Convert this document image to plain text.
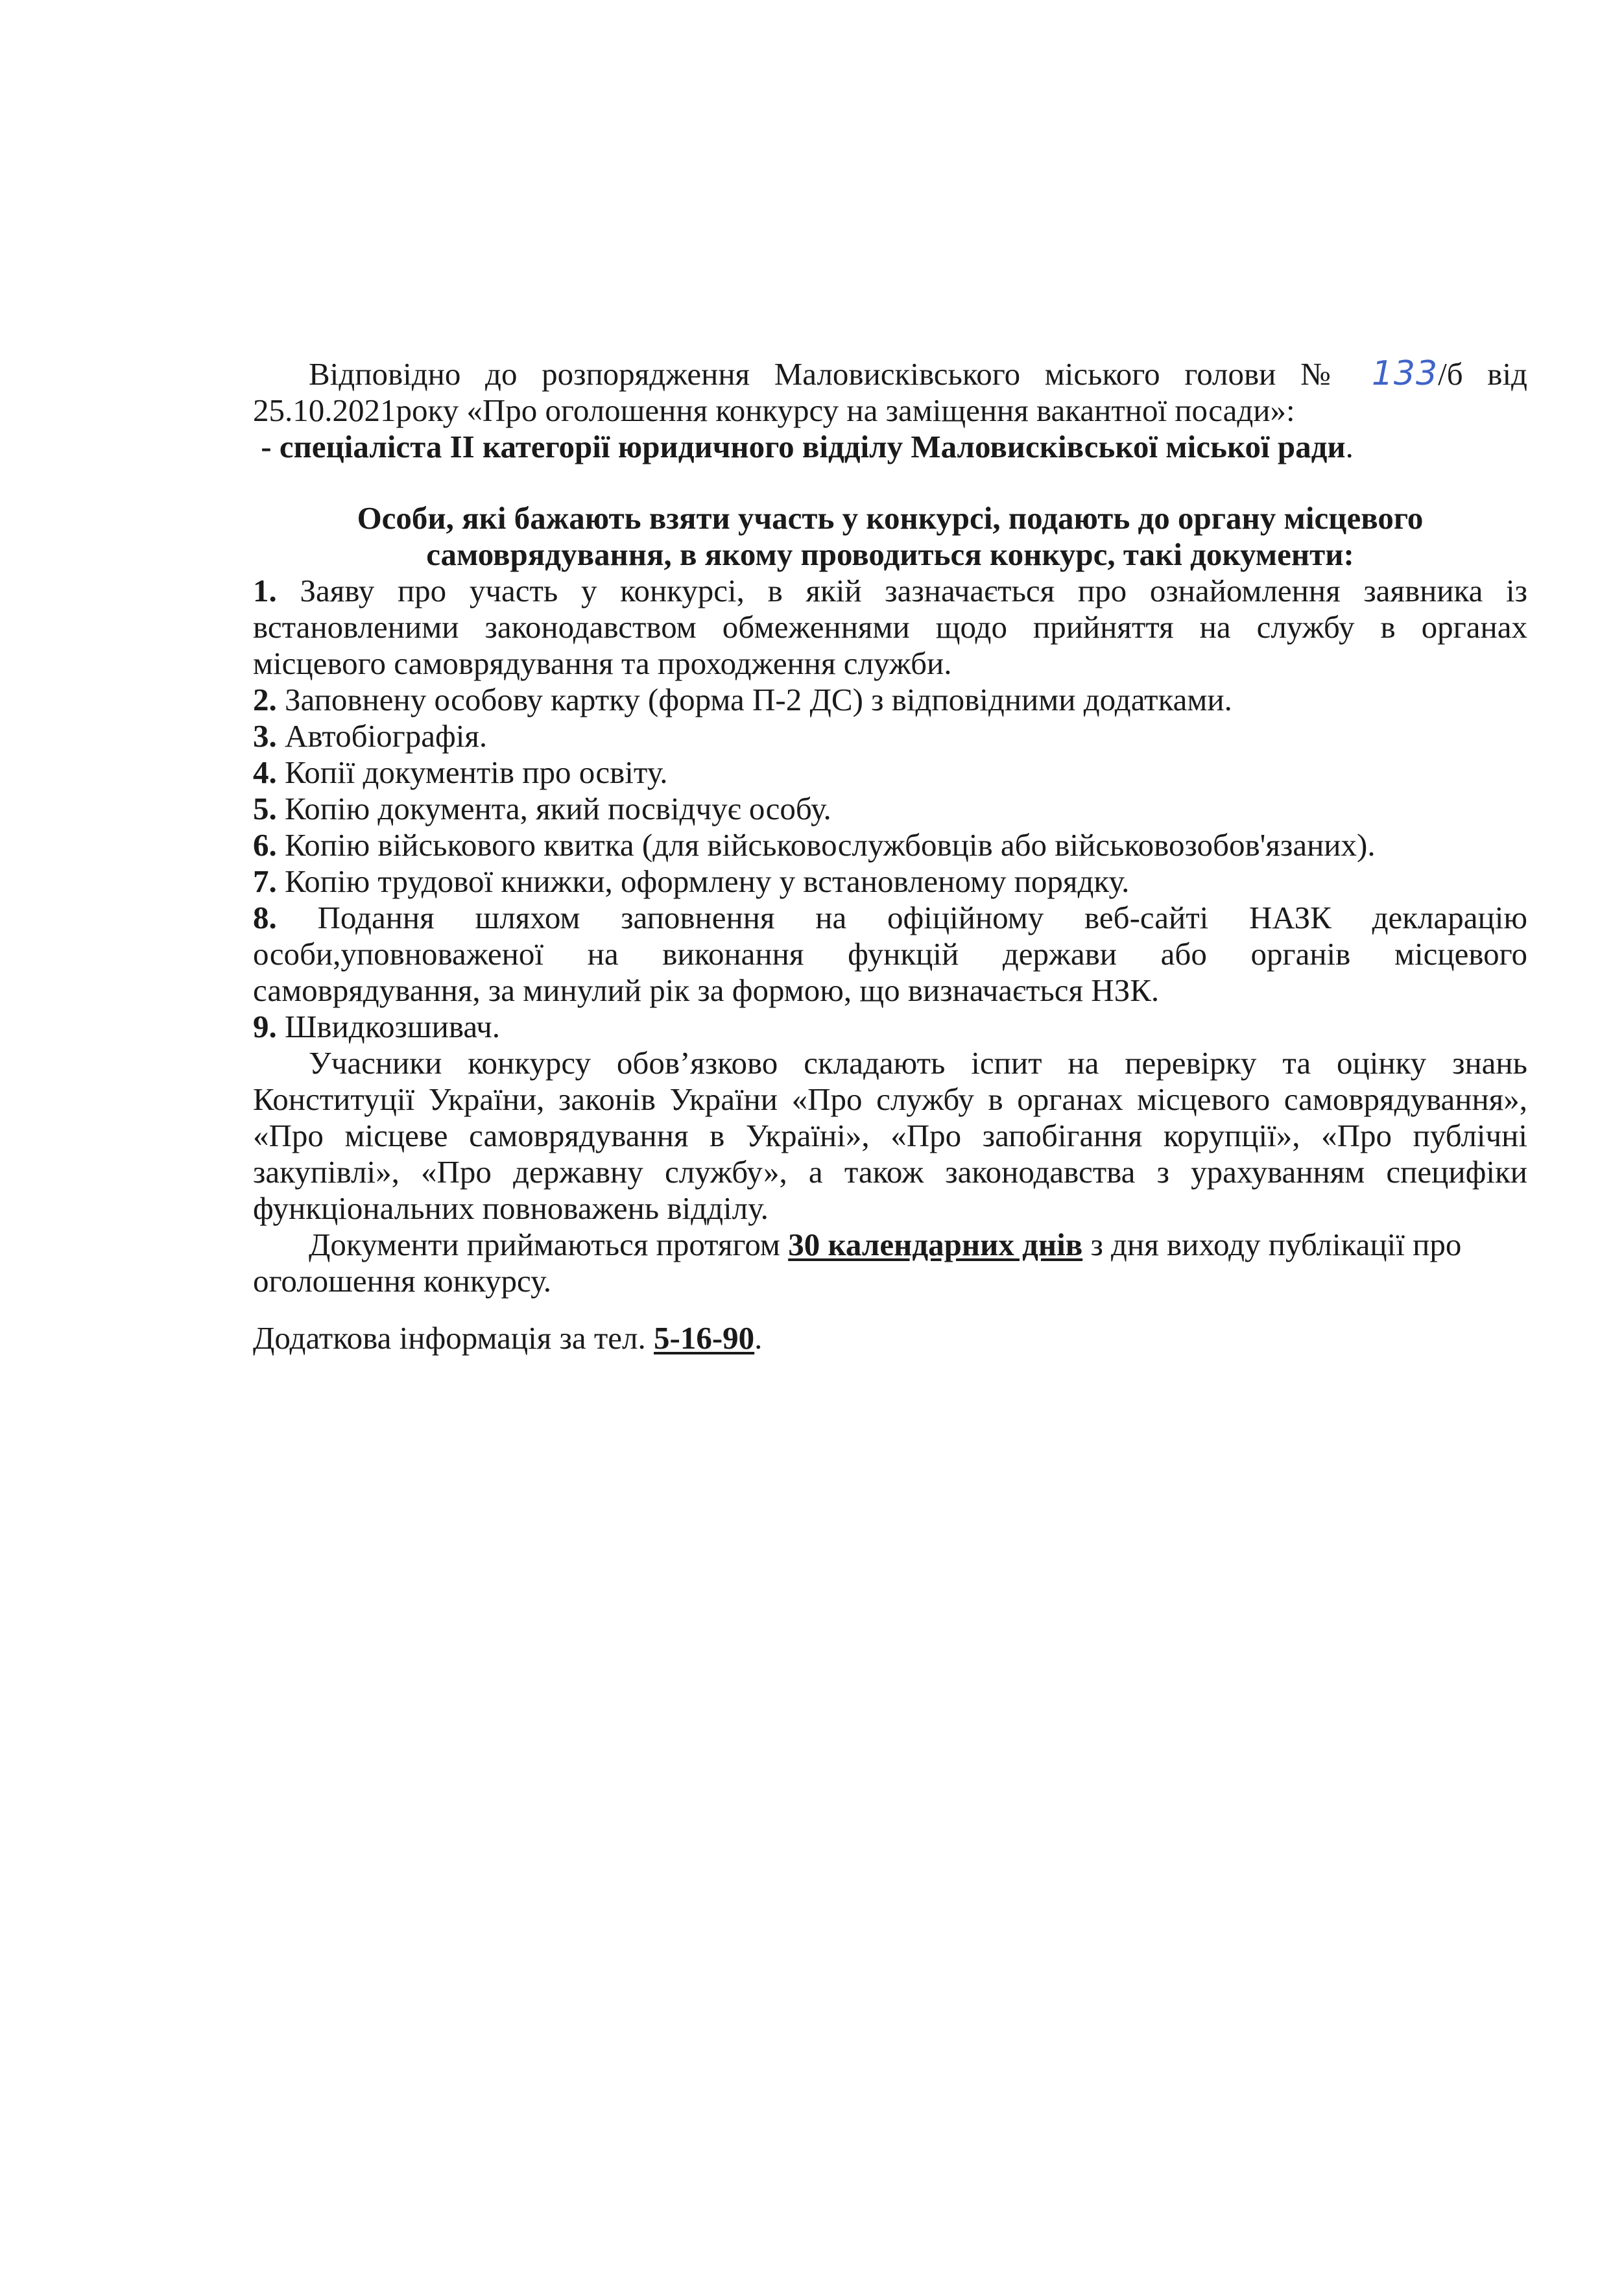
Відповідно до розпорядження Маловисківського міського голови № 133/б від

25.10.2021року «Про оголошення конкурсу на заміщення вакантної посади»:

- спеціаліста ІІ категорії юридичного відділу Маловисківської міської ради.

Особи, які бажають взяти участь у конкурсі, подають до органу місцевого

самоврядування, в якому проводиться конкурс, такі документи:

1. Заяву про участь у конкурсі, в якій зазначається про ознайомлення заявника із

встановленими законодавством обмеженнями щодо прийняття на службу в органах

місцевого самоврядування та проходження служби.

2. Заповнену особову картку (форма П-2 ДС) з відповідними додатками.

3. Автобіографія.

4. Копії документів про освіту.

5. Копію документа, який посвідчує особу.

6. Копію військового квитка (для військовослужбовців або військовозобов'язаних).

7. Копію трудової книжки, оформлену у встановленому порядку.

8. Подання шляхом заповнення на офіційному веб-сайті НАЗК декларацію

особи,уповноваженої на виконання функцій держави або органів місцевого

самоврядування, за минулий рік за формою, що визначається НЗК.

9. Швидкозшивач.

Учасники конкурсу обов’язково складають іспит на перевірку та оцінку знань

Конституції України, законів України «Про службу в органах місцевого самоврядування»,

«Про місцеве самоврядування в Україні», «Про запобігання корупції», «Про публічні

закупівлі», «Про державну службу», а також законодавства з урахуванням специфіки

функціональних повноважень відділу.

Документи приймаються протягом 30 календарних днів з дня виходу публікації про

оголошення конкурсу.

Додаткова інформація за тел. 5-16-90.
